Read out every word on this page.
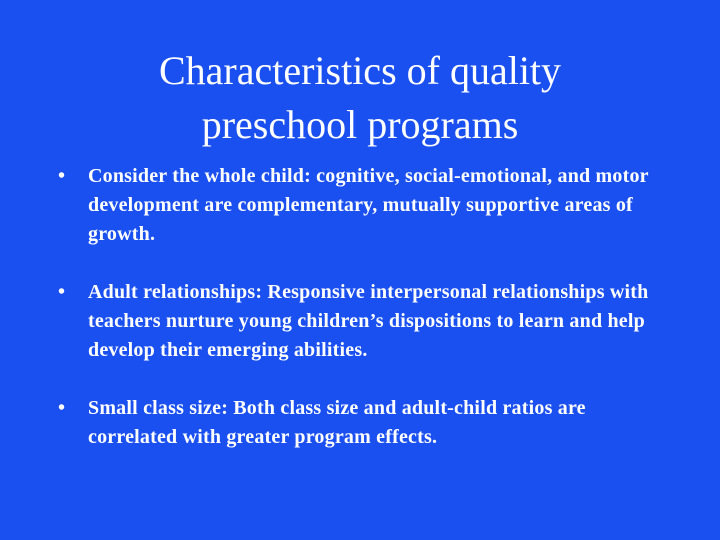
Characteristics of quality
preschool programs
•	Consider the whole child: cognitive, social-emotional, and motor development are complementary, mutually supportive areas of growth.
•	Adult relationships: Responsive interpersonal relationships with teachers nurture young children’s dispositions to learn and help develop their emerging abilities.
•	Small class size: Both class size and adult-child ratios are correlated with greater program effects.
